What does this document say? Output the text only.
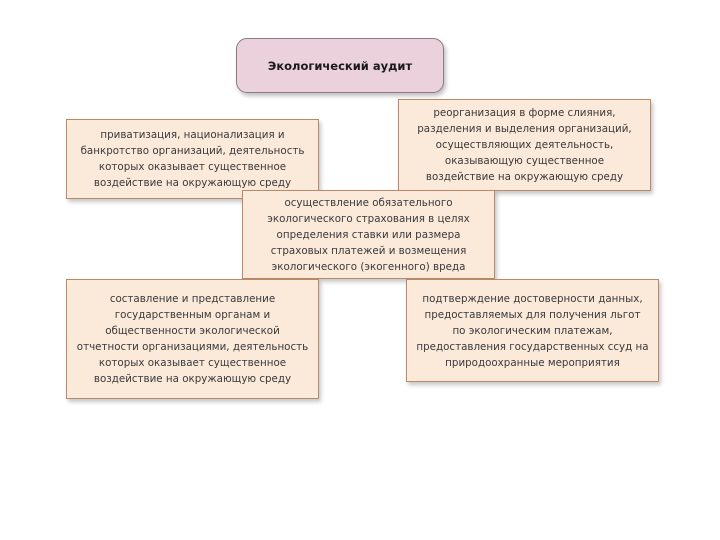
Экологический аудит
приватизация, национализация и
банкротство организаций, деятельность
которых оказывает существенное
воздействие на окружающую среду
реорганизация в форме слияния,
разделения и выделения организаций,
осуществляющих деятельность,
оказывающую существенное
воздействие на окружающую среду
осуществление обязательного
экологического страхования в целях
определения ставки или размера
страховых платежей и возмещения
экологического (экогенного) вреда
составление и представление
государственным органам и
общественности экологической
отчетности организациями, деятельность
которых оказывает существенное
воздействие на окружающую среду
подтверждение достоверности данных,
предоставляемых для получения льгот
по экологическим платежам,
предоставления государственных ссуд на
природоохранные мероприятия
